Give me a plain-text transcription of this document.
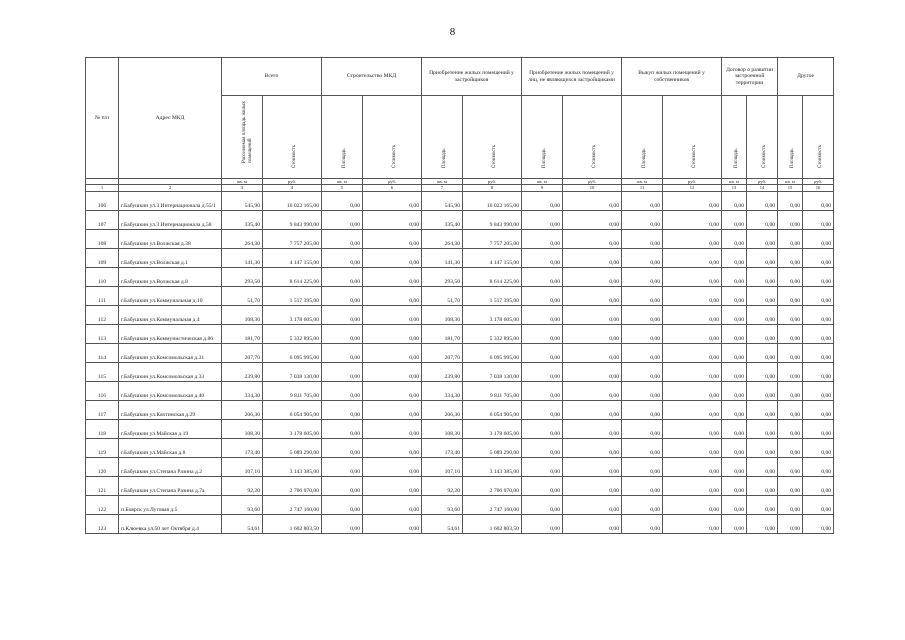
8
№ п/п	Адрес МКД	Всего		Строительство МКД		Приобретение жилых помещений у застройщиков		Приобретение жилых помещений у лиц, не являющихся застройщиками		Выкуп жилых помещений у собственников		Договор о развитии застроенной территории		Другое	

		Расселяемая площадь жилых помещений	Стоимость	Площадь	Стоимость	Площадь	Стоимость	Площадь	Стоимость	Площадь	Стоимость	Площадь	Стоимость	Площадь	Стоимость

		кв. м	руб.	кв. м	руб.	кв. м	руб.	кв. м	руб.	кв. м	руб.	кв. м	руб.	кв. м	руб.
1	2	3	4	5	6	7	8	9	10	11	12	13	14	15	16
106	г.Бабушкин ул.3 Интернационала д.55/1	545,90	16 022 165,00	0,00	0,00	545,90	16 022 165,00	0,00	0,00	0,00	0,00	0,00	0,00	0,00	0,00
107	г.Бабушкин ул.3 Интернационала д.58	335,40	9 843 990,00	0,00	0,00	335,40	9 843 990,00	0,00	0,00	0,00	0,00	0,00	0,00	0,00	0,00
108	г.Бабушкин ул.Волжская д.38	264,30	7 757 205,00	0,00	0,00	264,30	7 757 205,00	0,00	0,00	0,00	0,00	0,00	0,00	0,00	0,00
109	г.Бабушкин ул.Волжская д.1	141,30	4 147 155,00	0,00	0,00	141,30	4 147 155,00	0,00	0,00	0,00	0,00	0,00	0,00	0,00	0,00
110	г.Бабушкин ул.Волжская д.8	293,50	8 614 225,00	0,00	0,00	293,50	8 614 225,00	0,00	0,00	0,00	0,00	0,00	0,00	0,00	0,00
111	г.Бабушкин ул.Коммунальная д.10	51,70	1 517 395,00	0,00	0,00	51,70	1 517 395,00	0,00	0,00	0,00	0,00	0,00	0,00	0,00	0,00
112	г.Бабушкин ул.Коммунальная д.4	108,30	3 178 605,00	0,00	0,00	108,30	3 178 605,00	0,00	0,00	0,00	0,00	0,00	0,00	0,00	0,00
113	г.Бабушкин ул.Коммунистическая д.86	181,70	5 332 895,00	0,00	0,00	181,70	5 332 895,00	0,00	0,00	0,00	0,00	0,00	0,00	0,00	0,00
114	г.Бабушкин ул.Комсомольская д.31	207,70	6 095 995,00	0,00	0,00	207,70	6 095 995,00	0,00	0,00	0,00	0,00	0,00	0,00	0,00	0,00
115	г.Бабушкин ул.Комсомольская д.33	239,80	7 038 130,00	0,00	0,00	239,80	7 038 130,00	0,00	0,00	0,00	0,00	0,00	0,00	0,00	0,00
116	г.Бабушкин ул.Комсомольская д.40	334,30	9 811 705,00	0,00	0,00	334,30	9 811 705,00	0,00	0,00	0,00	0,00	0,00	0,00	0,00	0,00
117	г.Бабушкин ул.Кяхтинская д.29	206,30	6 054 905,00	0,00	0,00	206,30	6 054 905,00	0,00	0,00	0,00	0,00	0,00	0,00	0,00	0,00
118	г.Бабушкин ул.Майская д.19	108,30	3 178 605,00	0,00	0,00	108,30	3 178 605,00	0,00	0,00	0,00	0,00	0,00	0,00	0,00	0,00
119	г.Бабушкин ул.Майская д.8	173,40	5 089 290,00	0,00	0,00	173,40	5 089 290,00	0,00	0,00	0,00	0,00	0,00	0,00	0,00	0,00
120	г.Бабушкин ул.Степана Разина д.2	107,10	3 143 385,00	0,00	0,00	107,10	3 143 385,00	0,00	0,00	0,00	0,00	0,00	0,00	0,00	0,00
121	г.Бабушкин ул.Степана Разина д.7а	92,20	2 706 070,00	0,00	0,00	92,20	2 706 070,00	0,00	0,00	0,00	0,00	0,00	0,00	0,00	0,00
122	п.Боярск ул.Луговая д.5	93,60	2 747 160,00	0,00	0,00	93,60	2 747 160,00	0,00	0,00	0,00	0,00	0,00	0,00	0,00	0,00
123	п.Клюевка ул.50 лет Октября д.4	54,61	1 602 803,50	0,00	0,00	54,61	1 602 803,50	0,00	0,00	0,00	0,00	0,00	0,00	0,00	0,00
